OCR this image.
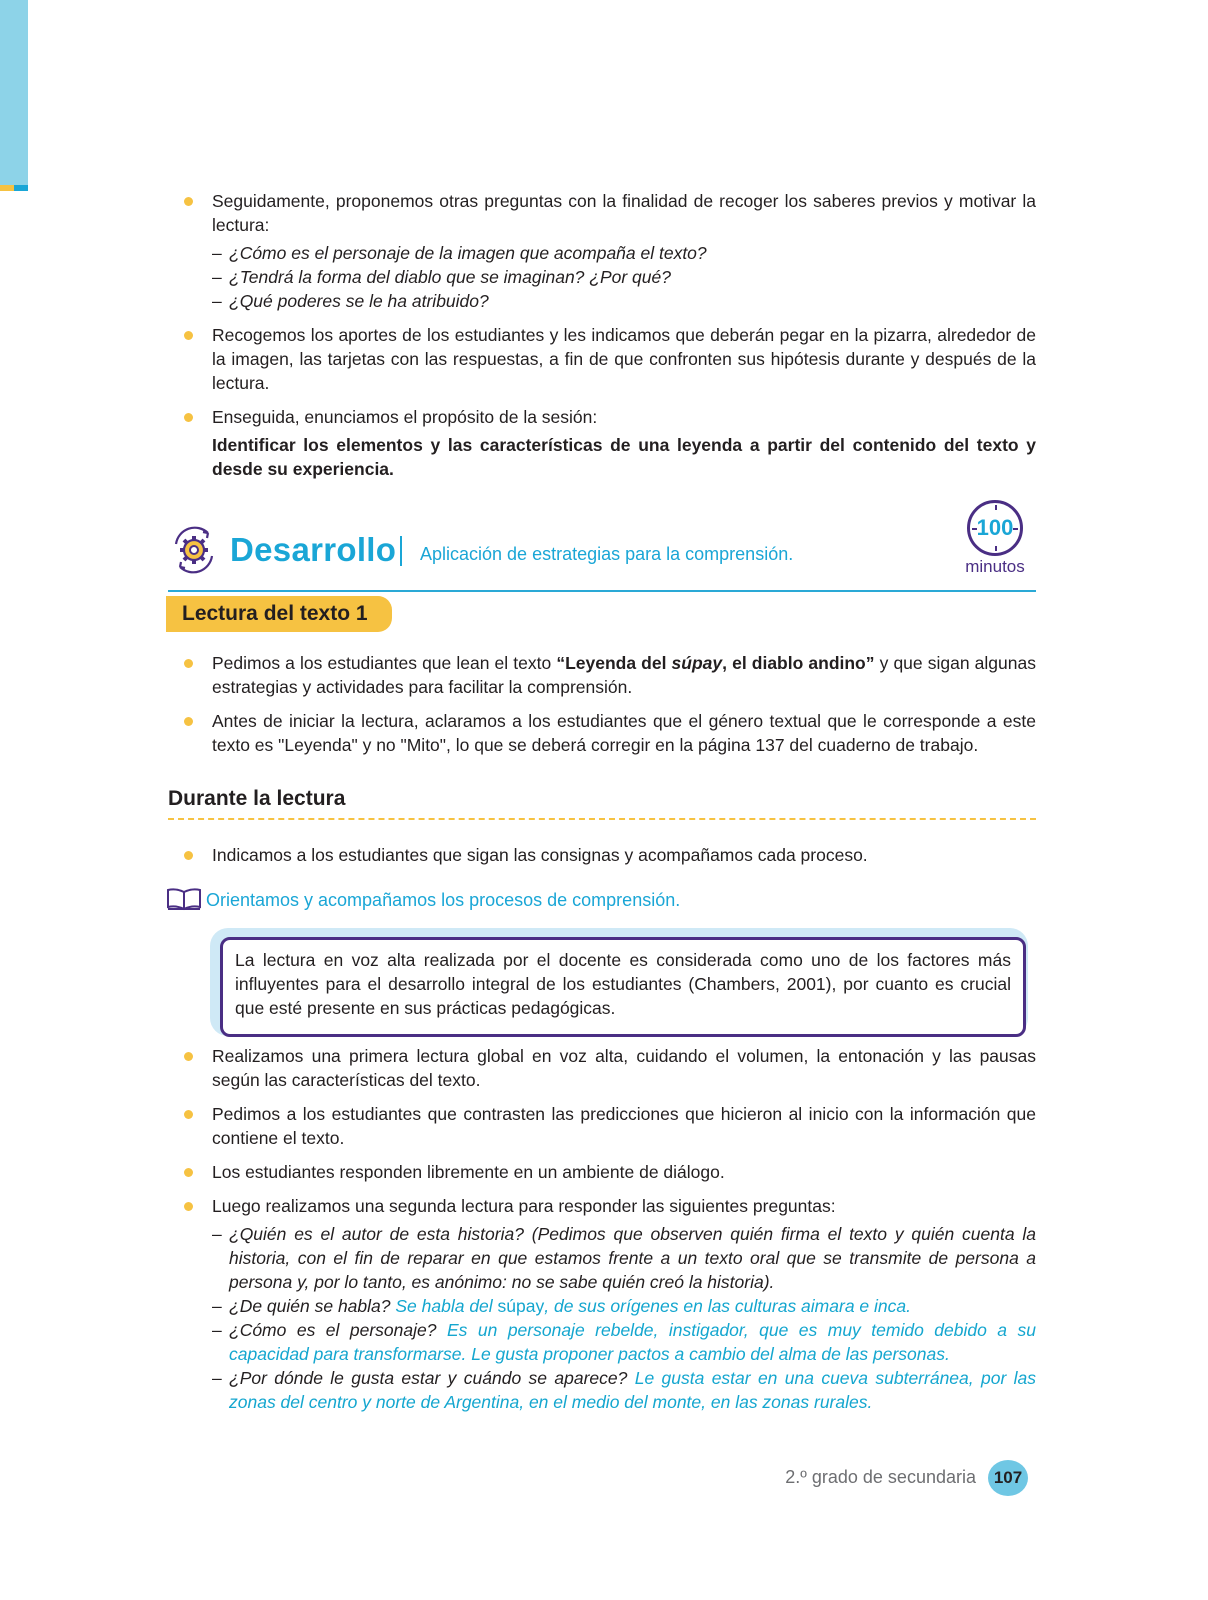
Seguidamente, proponemos otras preguntas con la finalidad de recoger los saberes previos y motivar la lectura:
– ¿Cómo es el personaje de la imagen que acompaña el texto?
– ¿Tendrá la forma del diablo que se imaginan? ¿Por qué?
– ¿Qué poderes se le ha atribuido?
Recogemos los aportes de los estudiantes y les indicamos que deberán pegar en la pizarra, alrededor de la imagen, las tarjetas con las respuestas, a fin de que confronten sus hipótesis durante y después de la lectura.
Enseguida, enunciamos el propósito de la sesión:
Identificar los elementos y las características de una leyenda a partir del contenido del texto y desde su experiencia.
Desarrollo Aplicación de estrategias para la comprensión.
100
minutos
Lectura del texto 1
Pedimos a los estudiantes que lean el texto “Leyenda del súpay, el diablo andino” y que sigan algunas estrategias y actividades para facilitar la comprensión.
Antes de iniciar la lectura, aclaramos a los estudiantes que el género textual que le corresponde a este texto es "Leyenda" y no "Mito", lo que se deberá corregir en la página 137 del cuaderno de trabajo.
Durante la lectura
Indicamos a los estudiantes que sigan las consignas y acompañamos cada proceso.
Orientamos y acompañamos los procesos de comprensión.
La lectura en voz alta realizada por el docente es considerada como uno de los factores más influyentes para el desarrollo integral de los estudiantes (Chambers, 2001), por cuanto es crucial que esté presente en sus prácticas pedagógicas.
Realizamos una primera lectura global en voz alta, cuidando el volumen, la entonación y las pausas según las características del texto.
Pedimos a los estudiantes que contrasten las predicciones que hicieron al inicio con la información que contiene el texto.
Los estudiantes responden libremente en un ambiente de diálogo.
Luego realizamos una segunda lectura para responder las siguientes preguntas:
– ¿Quién es el autor de esta historia? (Pedimos que observen quién firma el texto y quién cuenta la historia, con el fin de reparar en que estamos frente a un texto oral que se transmite de persona a persona y, por lo tanto, es anónimo: no se sabe quién creó la historia).
– ¿De quién se habla? Se habla del súpay, de sus orígenes en las culturas aimara e inca.
– ¿Cómo es el personaje? Es un personaje rebelde, instigador, que es muy temido debido a su capacidad para transformarse. Le gusta proponer pactos a cambio del alma de las personas.
– ¿Por dónde le gusta estar y cuándo se aparece? Le gusta estar en una cueva subterránea, por las zonas del centro y norte de Argentina, en el medio del monte, en las zonas rurales.
2.º grado de secundaria	107
